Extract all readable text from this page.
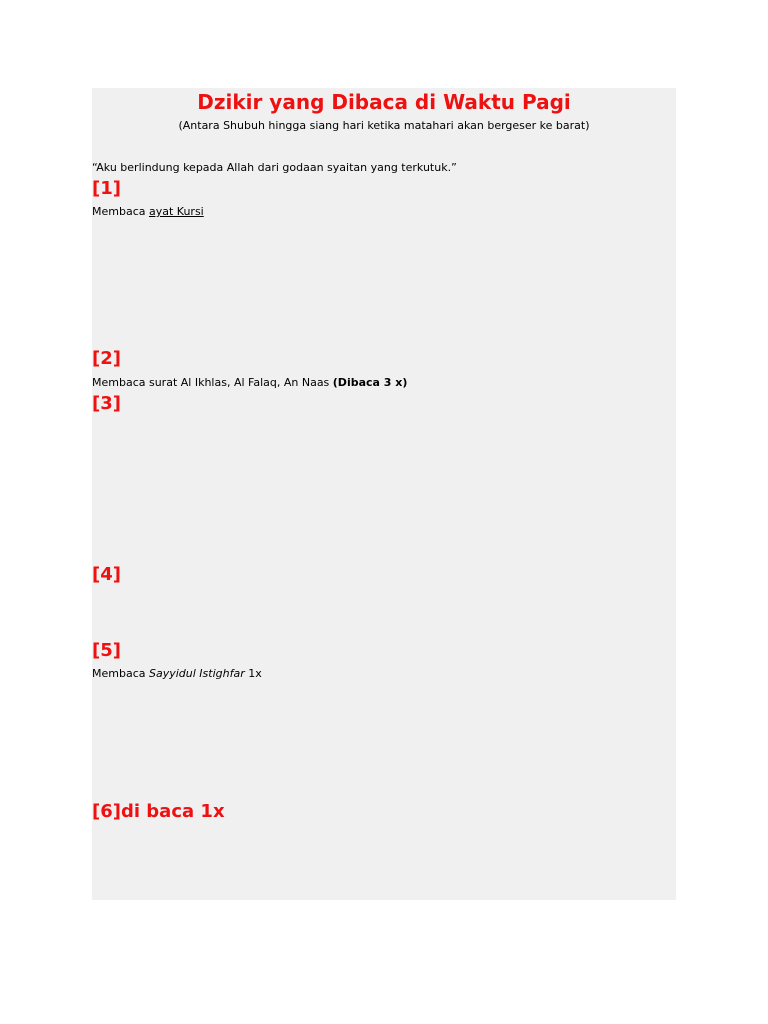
Dzikir yang Dibaca di Waktu Pagi
(Antara Shubuh hingga siang hari ketika matahari akan bergeser ke barat)
“Aku berlindung kepada Allah dari godaan syaitan yang terkutuk.”
[1]
Membaca ayat Kursi
[2]
Membaca surat Al Ikhlas, Al Falaq, An Naas (Dibaca 3 x)
[3]
[4]
[5]
Membaca Sayyidul Istighfar 1x
[6]di baca 1x
